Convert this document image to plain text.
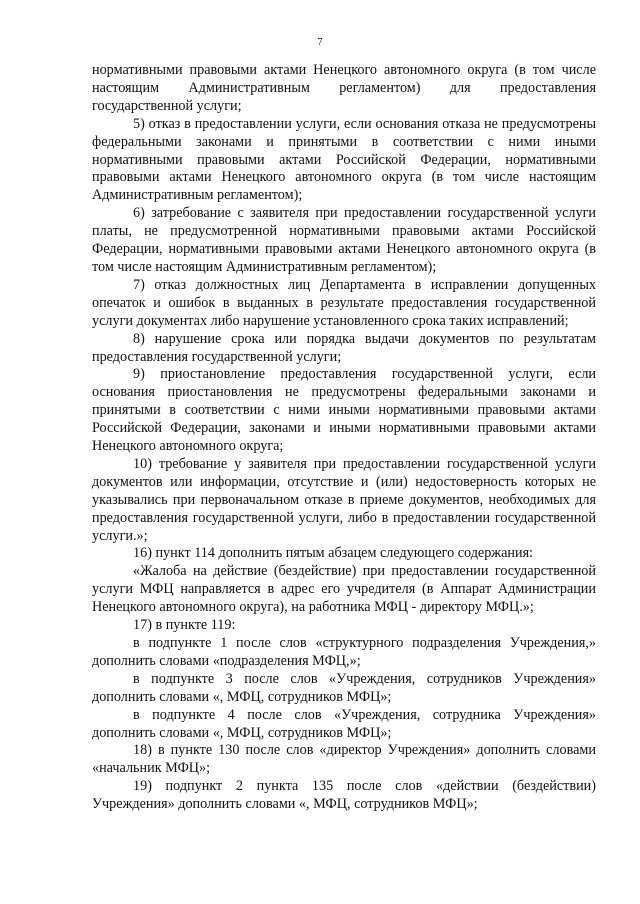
7

нормативными правовыми актами Ненецкого автономного округа (в том числе настоящим Административным регламентом) для предоставления государственной услуги;

5) отказ в предоставлении услуги, если основания отказа не предусмотрены федеральными законами и принятыми в соответствии с ними иными нормативными правовыми актами Российской Федерации, нормативными правовыми актами Ненецкого автономного округа (в том числе настоящим Административным регламентом);

6) затребование с заявителя при предоставлении государственной услуги платы, не предусмотренной нормативными правовыми актами Российской Федерации, нормативными правовыми актами Ненецкого автономного округа (в том числе настоящим Административным регламентом);

7) отказ должностных лиц Департамента в исправлении допущенных опечаток и ошибок в выданных в результате предоставления государственной услуги документах либо нарушение установленного срока таких исправлений;

8) нарушение срока или порядка выдачи документов по результатам предоставления государственной услуги;

9) приостановление предоставления государственной услуги, если основания приостановления не предусмотрены федеральными законами и принятыми в соответствии с ними иными нормативными правовыми актами Российской Федерации, законами и иными нормативными правовыми актами Ненецкого автономного округа;

10) требование у заявителя при предоставлении государственной услуги документов или информации, отсутствие и (или) недостоверность которых не указывались при первоначальном отказе в приеме документов, необходимых для предоставления государственной услуги, либо в предоставлении государственной услуги.»;

16) пункт 114 дополнить пятым абзацем следующего содержания:

«Жалоба на действие (бездействие) при предоставлении государственной услуги МФЦ направляется в адрес его учредителя (в Аппарат Администрации Ненецкого автономного округа), на работника МФЦ - директору МФЦ.»;

17) в пункте 119:

в подпункте 1 после слов «структурного подразделения Учреждения,» дополнить словами «подразделения МФЦ,»;

в подпункте 3 после слов «Учреждения, сотрудников Учреждения» дополнить словами «, МФЦ, сотрудников МФЦ»;

в подпункте 4 после слов «Учреждения, сотрудника Учреждения» дополнить словами «, МФЦ, сотрудников МФЦ»;

18) в пункте 130 после слов «директор Учреждения» дополнить словами «начальник МФЦ»;

19) подпункт 2 пункта 135 после слов «действии (бездействии) Учреждения» дополнить словами «, МФЦ, сотрудников МФЦ»;
